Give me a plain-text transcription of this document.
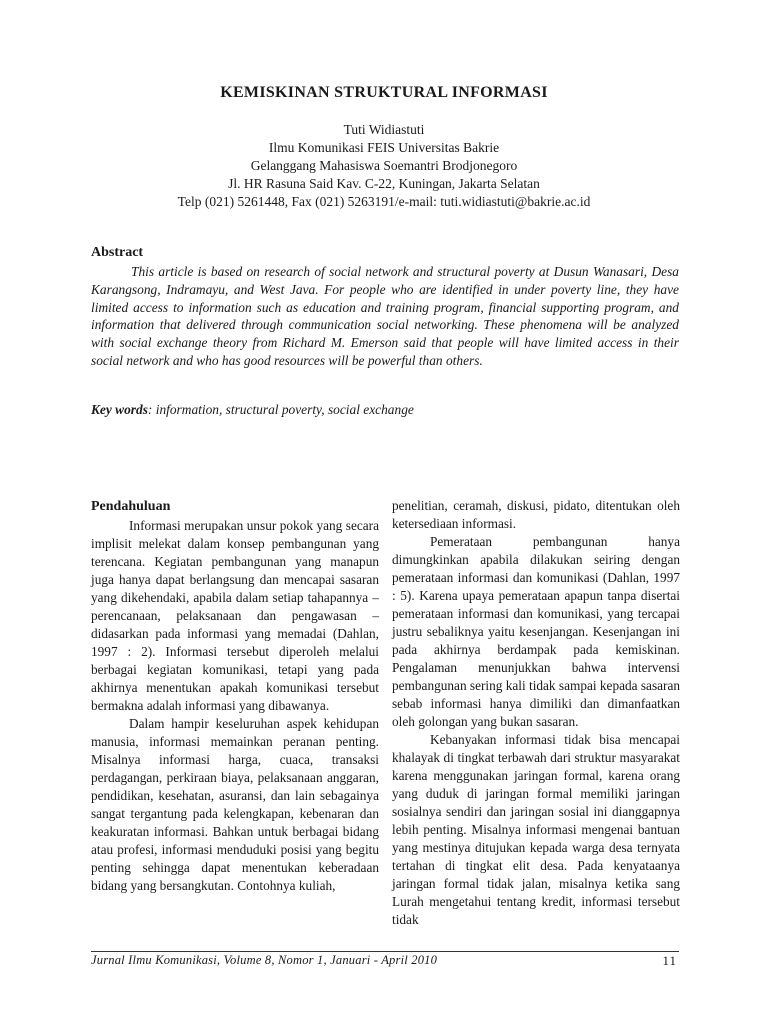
KEMISKINAN STRUKTURAL INFORMASI
Tuti Widiastuti
Ilmu Komunikasi FEIS Universitas Bakrie
Gelanggang Mahasiswa Soemantri Brodjonegoro
Jl. HR Rasuna Said Kav. C-22, Kuningan, Jakarta Selatan
Telp (021) 5261448, Fax (021) 5263191/e-mail: tuti.widiastuti@bakrie.ac.id
Abstract

This article is based on research of social network and structural poverty at Dusun Wanasari, Desa Karangsong, Indramayu, and West Java. For people who are identified in under poverty line, they have limited access to information such as education and training program, financial supporting program, and information that delivered through communication social networking. These phenomena will be analyzed with social exchange theory from Richard M. Emerson said that people will have limited access in their social network and who has good resources will be powerful than others.

Key words: information, structural poverty, social exchange

Pendahuluan

Informasi merupakan unsur pokok yang secara implisit melekat dalam konsep pembangunan yang terencana. Kegiatan pembangunan yang manapun juga hanya dapat berlangsung dan mencapai sasaran yang dikehendaki, apabila dalam setiap tahapannya – perencanaan, pelaksanaan dan pengawasan – didasarkan pada informasi yang memadai (Dahlan, 1997 : 2). Informasi tersebut diperoleh melalui berbagai kegiatan komunikasi, tetapi yang pada akhirnya menentukan apakah komunikasi tersebut bermakna adalah informasi yang dibawanya.

Dalam hampir keseluruhan aspek kehidupan manusia, informasi memainkan peranan penting. Misalnya informasi harga, cuaca, transaksi perdagangan, perkiraan biaya, pelaksanaan anggaran, pendidikan, kesehatan, asuransi, dan lain sebagainya sangat tergantung pada kelengkapan, kebenaran dan keakuratan informasi. Bahkan untuk berbagai bidang atau profesi, informasi menduduki posisi yang begitu penting sehingga dapat menentukan keberadaan bidang yang bersangkutan. Contohnya kuliah,

penelitian, ceramah, diskusi, pidato, ditentukan oleh ketersediaan informasi.

Pemerataan pembangunan hanya dimungkinkan apabila dilakukan seiring dengan pemerataan informasi dan komunikasi (Dahlan, 1997 : 5). Karena upaya pemerataan apapun tanpa disertai pemerataan informasi dan komunikasi, yang tercapai justru sebaliknya yaitu kesenjangan. Kesenjangan ini pada akhirnya berdampak pada kemiskinan. Pengalaman menunjukkan bahwa intervensi pembangunan sering kali tidak sampai kepada sasaran sebab informasi hanya dimiliki dan dimanfaatkan oleh golongan yang bukan sasaran.

Kebanyakan informasi tidak bisa mencapai khalayak di tingkat terbawah dari struktur masyarakat karena menggunakan jaringan formal, karena orang yang duduk di jaringan formal memiliki jaringan sosialnya sendiri dan jaringan sosial ini dianggapnya lebih penting. Misalnya informasi mengenai bantuan yang mestinya ditujukan kepada warga desa ternyata tertahan di tingkat elit desa. Pada kenyataanya jaringan formal tidak jalan, misalnya ketika sang Lurah mengetahui tentang kredit, informasi tersebut tidak

Jurnal Ilmu Komunikasi, Volume 8, Nomor 1, Januari - April 2010	11
